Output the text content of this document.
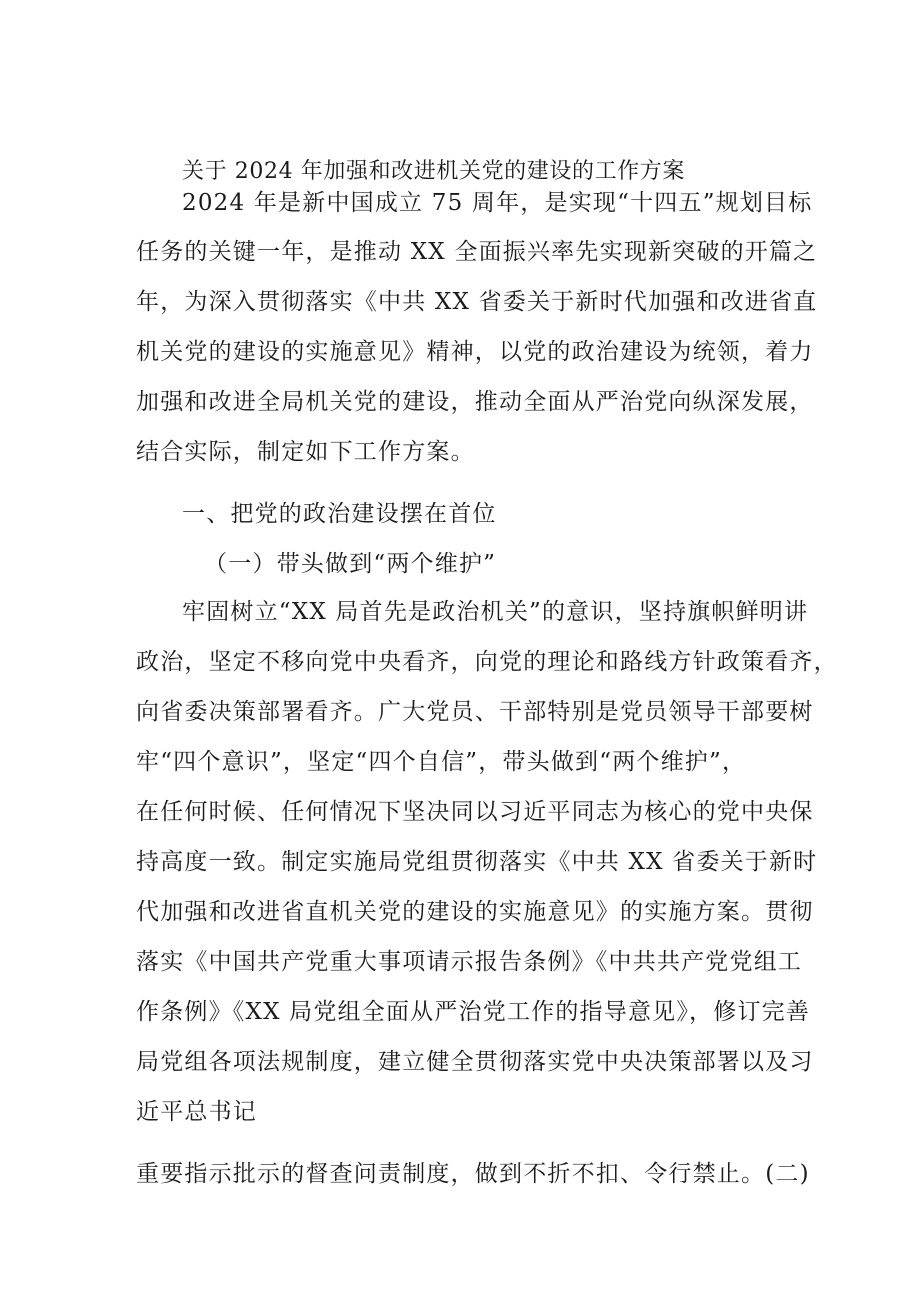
关于 2024 年加强和改进机关党的建设的工作方案
2024 年是新中国成立 75 周年，是实现“十四五”规划目标
任务的关键一年，是推动 XX 全面振兴率先实现新突破的开篇之
年，为深入贯彻落实《中共 XX 省委关于新时代加强和改进省直
机关党的建设的实施意见》精神，以党的政治建设为统领，着力
加强和改进全局机关党的建设，推动全面从严治党向纵深发展，
结合实际，制定如下工作方案。
一、把党的政治建设摆在首位
（一）带头做到“两个维护”
牢固树立“XX 局首先是政治机关”的意识，坚持旗帜鲜明讲
政治，坚定不移向党中央看齐，向党的理论和路线方针政策看齐，
向省委决策部署看齐。广大党员、干部特别是党员领导干部要树
牢“四个意识”，坚定“四个自信”，带头做到“两个维护”，
在任何时候、任何情况下坚决同以习近平同志为核心的党中央保
持高度一致。制定实施局党组贯彻落实《中共 XX 省委关于新时
代加强和改进省直机关党的建设的实施意见》的实施方案。贯彻
落实《中国共产党重大事项请示报告条例》《中共共产党党组工
作条例》《XX 局党组全面从严治党工作的指导意见》，修订完善
局党组各项法规制度，建立健全贯彻落实党中央决策部署以及习
近平总书记
重要指示批示的督查问责制度，做到不折不扣、令行禁止。(二)
